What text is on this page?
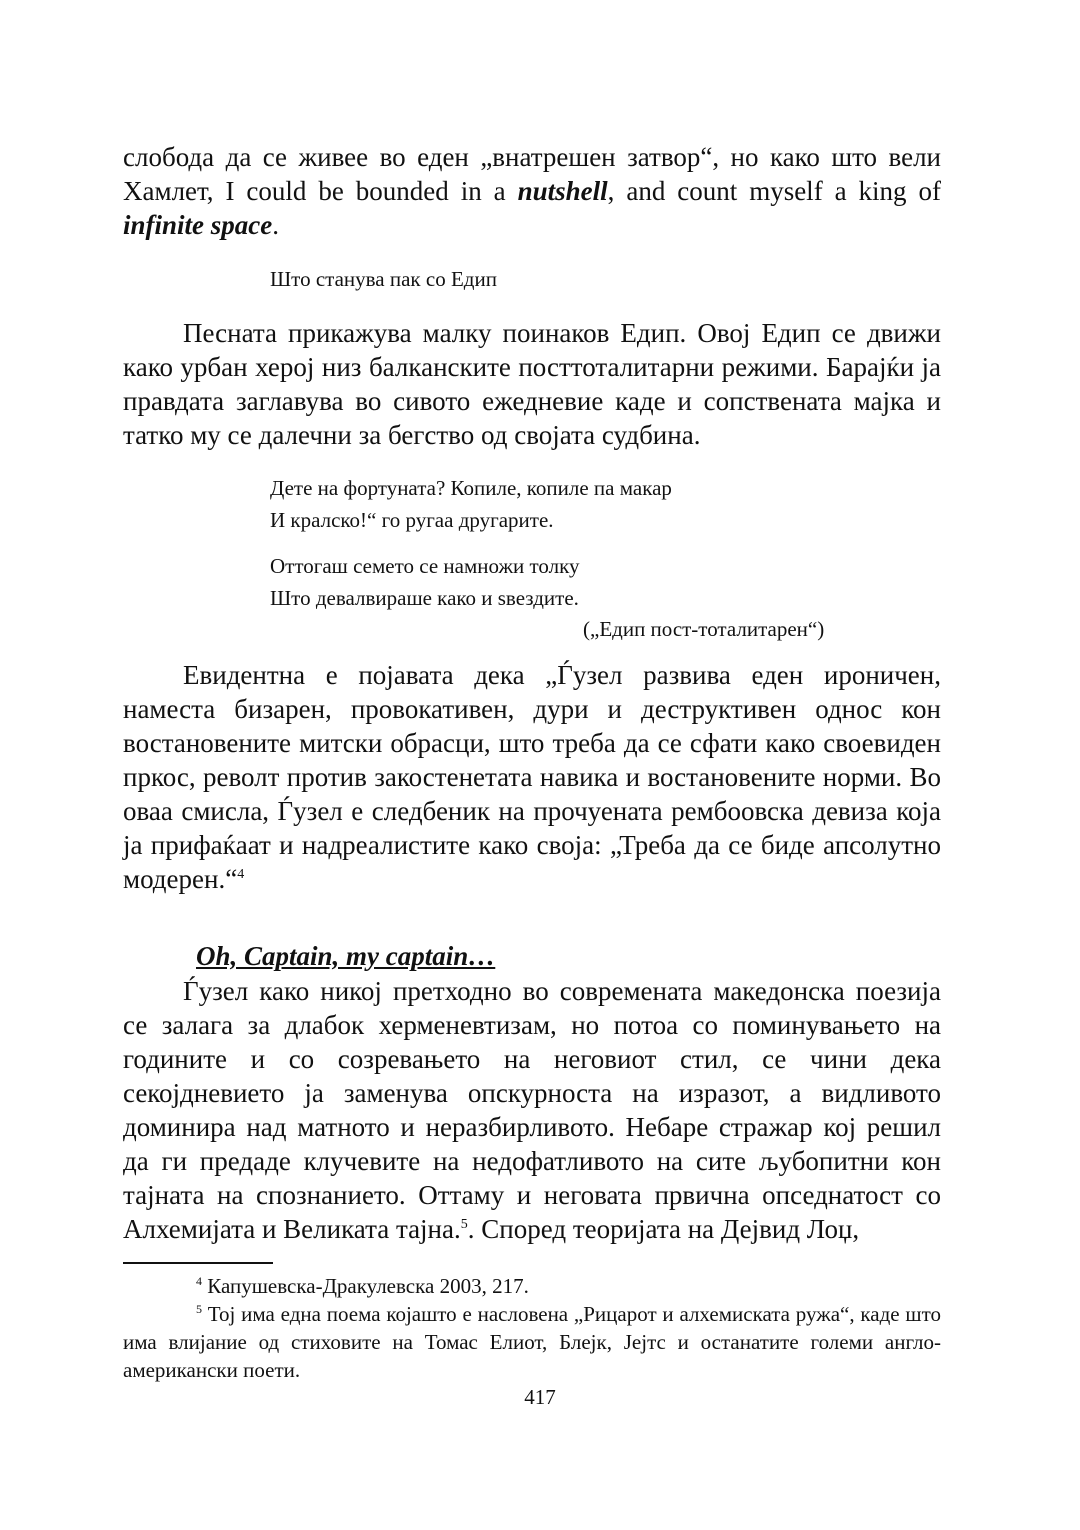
слобода да се живее во еден „внатрешен затвор“, но како што вели Хамлет, I could be bounded in a nutshell, and count myself a king of infinite space.

Што станува пак со Едип

Песната прикажува малку поинаков Едип. Овој Едип се движи како урбан херој низ балканските посттоталитарни режими. Барајќи ја правдата заглавува во сивото ежедневие каде и сопствената мајка и татко му се далечни за бегство од својата судбина.

Дете на фортуната? Копиле, копиле па макар
И кралско!“ го ругаа другарите.
Оттогаш семето се намножи толку
Што девалвираше како и ѕвездите.

(„Едип пост-тоталитарен“)

Евидентна е појавата дека „Ѓузел развива еден ироничен, наместа бизарен, провокативен, дури и деструктивен однос кон востановените митски обрасци, што треба да се сфати како своевиден пркос, револт против закостенетата навика и востановените норми. Во оваа смисла, Ѓузел е следбеник на прочуената рембоовска девиза која ја прифаќаат и надреалистите како своја: „Треба да се биде апсолутно модерен.“$^4$

Oh, Captain, my captain…

Ѓузел како никој претходно во современата македонска поезија се залага за длабок херменевтизам, но потоа со поминувањето на годините и со созревањето на неговиот стил, се чини дека секојдневието ја заменува опскурноста на изразот, а видливото доминира над матното и неразбирливото. Небаре стражар кој решил да ги предаде клучевите на недофатливото на сите љубопитни кон тајната на спознанието. Оттаму и неговата првична опседнатост со Алхемијата и Великата тајна.$^5$. Според теоријата на Дејвид Лоџ,

$^4$ Капушевска-Дракулевска 2003, 217.

$^5$ Тој има една поема којашто е насловена „Рицарот и алхемиската ружа“, каде што има влијание од стиховите на Томас Елиот, Блејк, Јејтс и останатите големи англо-американски поети.

417
